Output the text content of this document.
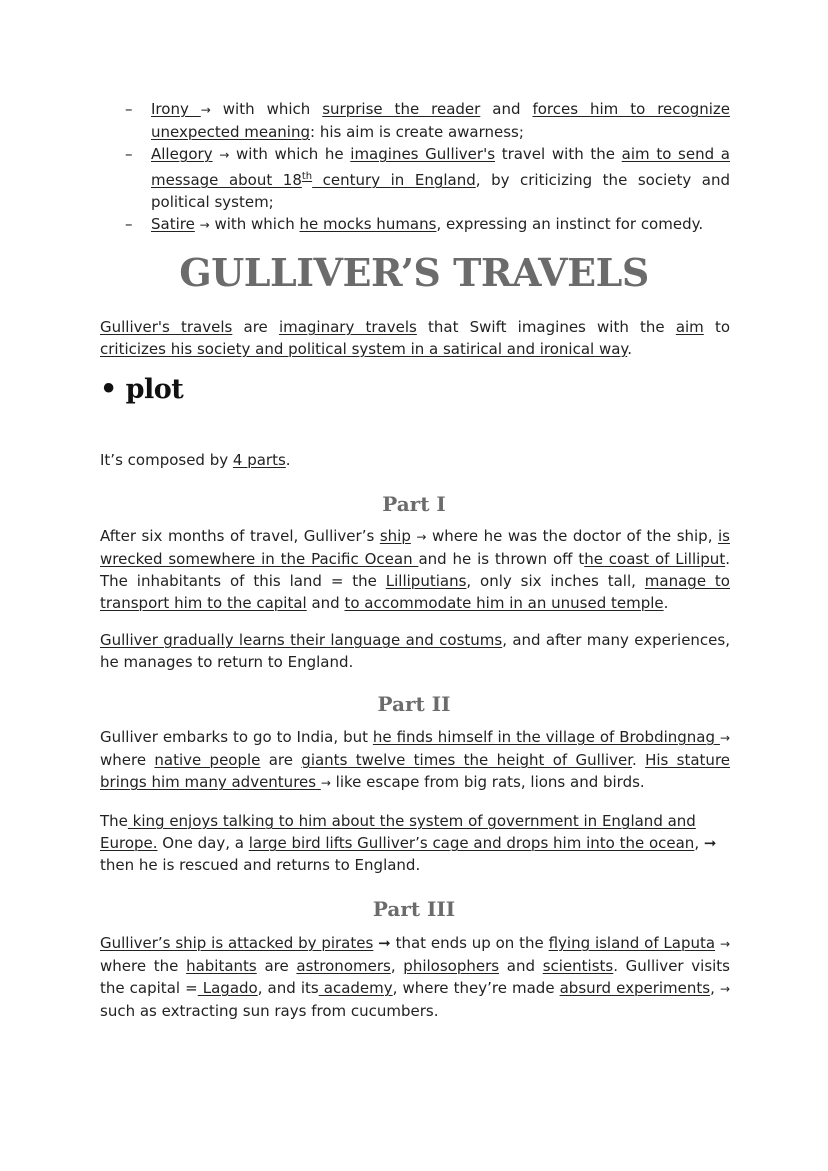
– Irony → with which surprise the reader and forces him to recognize unexpected meaning: his aim is create awarness;
– Allegory → with which he imagines Gulliver's travel with the aim to send a message about 18th century in England, by criticizing the society and political system;
– Satire → with which he mocks humans, expressing an instinct for comedy.
GULLIVER’S TRAVELS

Gulliver's travels are imaginary travels that Swift imagines with the aim to criticizes his society and political system in a satirical and ironical way.

• plot

It’s composed by 4 parts.

Part I

After six months of travel, Gulliver’s ship → where he was the doctor of the ship, is wrecked somewhere in the Pacific Ocean and he is thrown off the coast of Lilliput. The inhabitants of this land = the Lilliputians, only six inches tall, manage to transport him to the capital and to accommodate him in an unused temple.

Gulliver gradually learns their language and costums, and after many experiences, he manages to return to England.

Part II

Gulliver embarks to go to India, but he finds himself in the village of Brobdingnag → where native people are giants twelve times the height of Gulliver. His stature brings him many adventures → like escape from big rats, lions and birds.

The king enjoys talking to him about the system of government in England and Europe. One day, a large bird lifts Gulliver’s cage and drops him into the ocean, ➞ then he is rescued and returns to England.

Part III

Gulliver’s ship is attacked by pirates ➞ that ends up on the flying island of Laputa → where the habitants are astronomers, philosophers and scientists. Gulliver visits the capital = Lagado, and its academy, where they’re made absurd experiments, → such as extracting sun rays from cucumbers.
